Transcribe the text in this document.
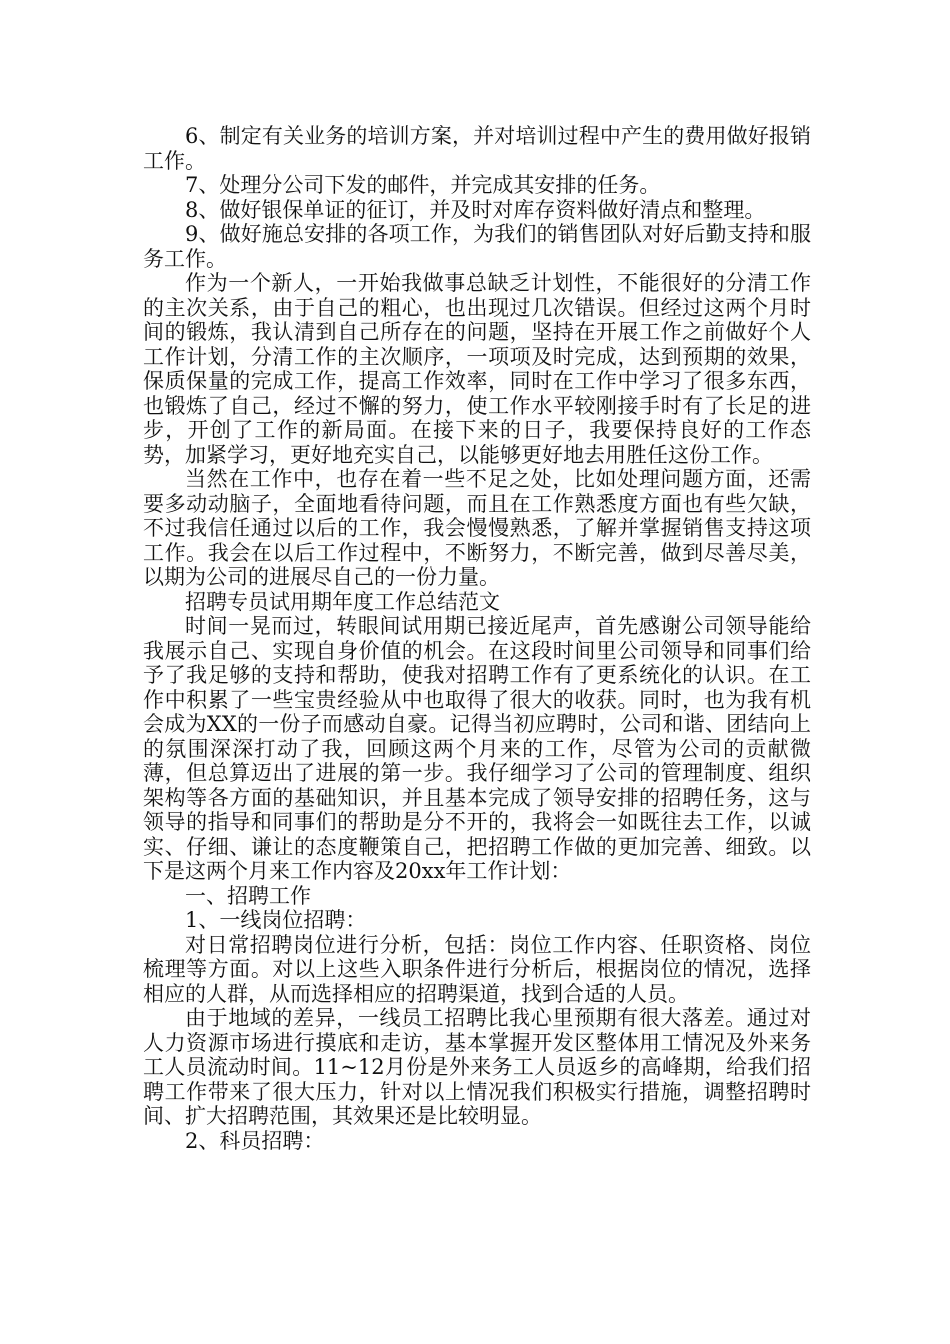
6、制定有关业务的培训方案，并对培训过程中产生的费用做好报销工作。

7、处理分公司下发的邮件，并完成其安排的任务。

8、做好银保单证的征订，并及时对库存资料做好清点和整理。

9、做好施总安排的各项工作，为我们的销售团队对好后勤支持和服务工作。

作为一个新人，一开始我做事总缺乏计划性，不能很好的分清工作的主次关系，由于自己的粗心，也出现过几次错误。但经过这两个月时间的锻炼，我认清到自己所存在的问题，坚持在开展工作之前做好个人工作计划，分清工作的主次顺序，一项项及时完成，达到预期的效果，保质保量的完成工作，提高工作效率，同时在工作中学习了很多东西，也锻炼了自己，经过不懈的努力，使工作水平较刚接手时有了长足的进步，开创了工作的新局面。在接下来的日子，我要保持良好的工作态势，加紧学习，更好地充实自己，以能够更好地去用胜任这份工作。

当然在工作中，也存在着一些不足之处，比如处理问题方面，还需要多动动脑子，全面地看待问题，而且在工作熟悉度方面也有些欠缺，不过我信任通过以后的工作，我会慢慢熟悉，了解并掌握销售支持这项工作。我会在以后工作过程中，不断努力，不断完善，做到尽善尽美，以期为公司的进展尽自己的一份力量。

招聘专员试用期年度工作总结范文

时间一晃而过，转眼间试用期已接近尾声，首先感谢公司领导能给我展示自己、实现自身价值的机会。在这段时间里公司领导和同事们给予了我足够的支持和帮助，使我对招聘工作有了更系统化的认识。在工作中积累了一些宝贵经验从中也取得了很大的收获。同时，也为我有机会成为XX的一份子而感动自豪。记得当初应聘时，公司和谐、团结向上的氛围深深打动了我，回顾这两个月来的工作，尽管为公司的贡献微薄，但总算迈出了进展的第一步。我仔细学习了公司的管理制度、组织架构等各方面的基础知识，并且基本完成了领导安排的招聘任务，这与领导的指导和同事们的帮助是分不开的，我将会一如既往去工作，以诚实、仔细、谦让的态度鞭策自己，把招聘工作做的更加完善、细致。以下是这两个月来工作内容及20xx年工作计划：

一、招聘工作

1、一线岗位招聘：

对日常招聘岗位进行分析，包括：岗位工作内容、任职资格、岗位梳理等方面。对以上这些入职条件进行分析后，根据岗位的情况，选择相应的人群，从而选择相应的招聘渠道，找到合适的人员。

由于地域的差异，一线员工招聘比我心里预期有很大落差。通过对人力资源市场进行摸底和走访，基本掌握开发区整体用工情况及外来务工人员流动时间。11~12月份是外来务工人员返乡的高峰期，给我们招聘工作带来了很大压力，针对以上情况我们积极实行措施，调整招聘时间、扩大招聘范围，其效果还是比较明显。

2、科员招聘：
